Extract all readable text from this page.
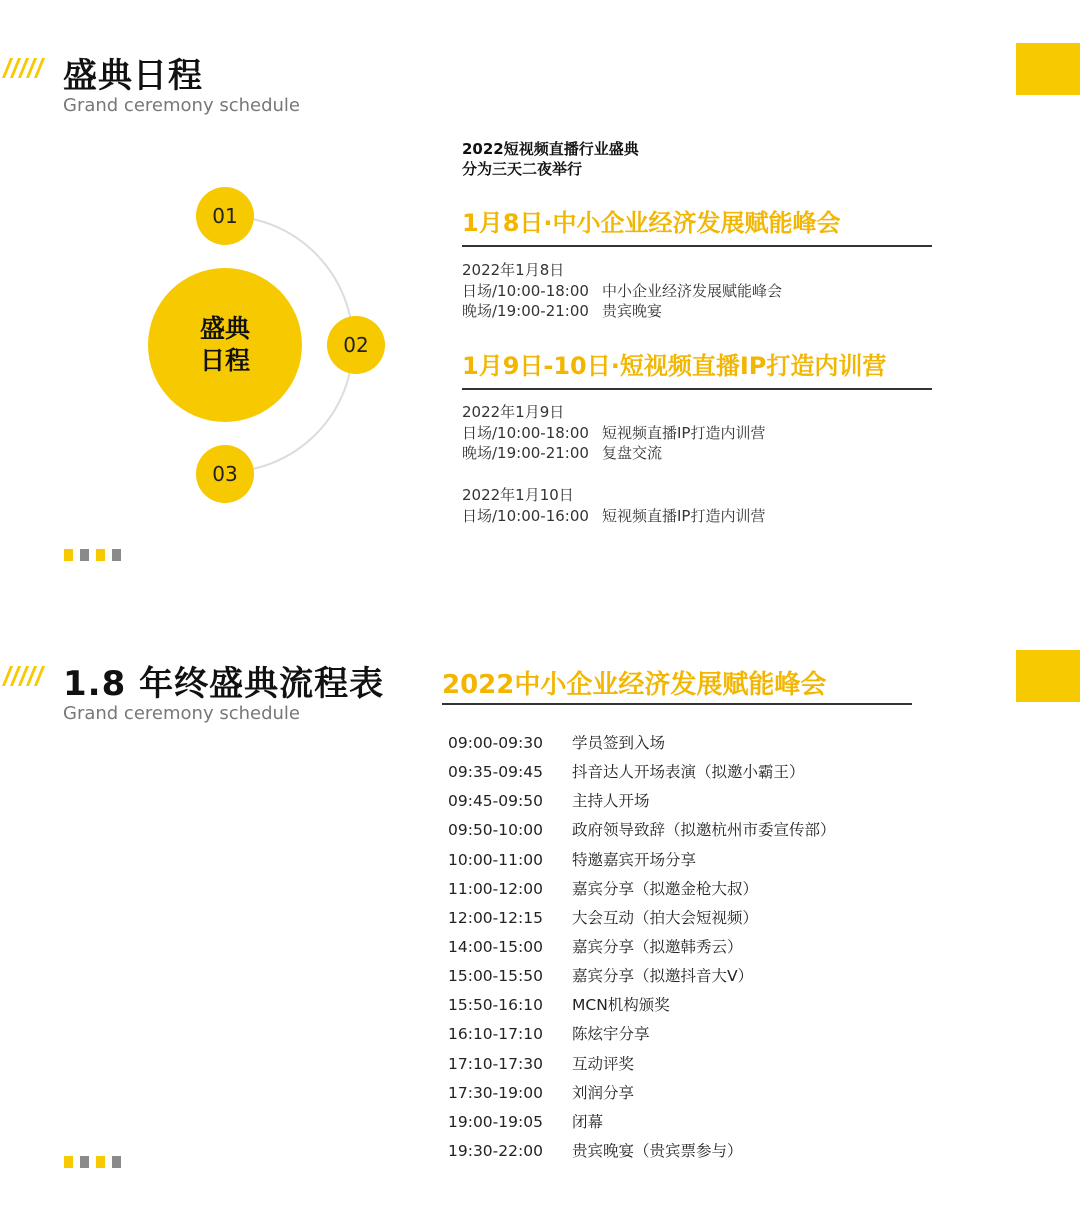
盛典日程
Grand ceremony schedule
01
02
03
盛典
日程
2022短视频直播行业盛典
分为三天二夜举行
1月8日·中小企业经济发展赋能峰会
2022年1月8日
日场/10:00-18:00 中小企业经济发展赋能峰会
晚场/19:00-21:00 贵宾晚宴
1月9日-10日·短视频直播IP打造内训营
2022年1月9日
日场/10:00-18:00 短视频直播IP打造内训营
晚场/19:00-21:00 复盘交流
2022年1月10日
日场/10:00-16:00 短视频直播IP打造内训营
1.8 年终盛典流程表
Grand ceremony schedule
2022中小企业经济发展赋能峰会
09:00-09:30 学员签到入场
09:35-09:45 抖音达人开场表演（拟邀小霸王）
09:45-09:50 主持人开场
09:50-10:00 政府领导致辞（拟邀杭州市委宣传部）
10:00-11:00 特邀嘉宾开场分享
11:00-12:00 嘉宾分享（拟邀金枪大叔）
12:00-12:15 大会互动（拍大会短视频）
14:00-15:00 嘉宾分享（拟邀韩秀云）
15:00-15:50 嘉宾分享（拟邀抖音大V）
15:50-16:10 MCN机构颁奖
16:10-17:10 陈炫宇分享
17:10-17:30 互动评奖
17:30-19:00 刘润分享
19:00-19:05 闭幕
19:30-22:00 贵宾晚宴（贵宾票参与）
